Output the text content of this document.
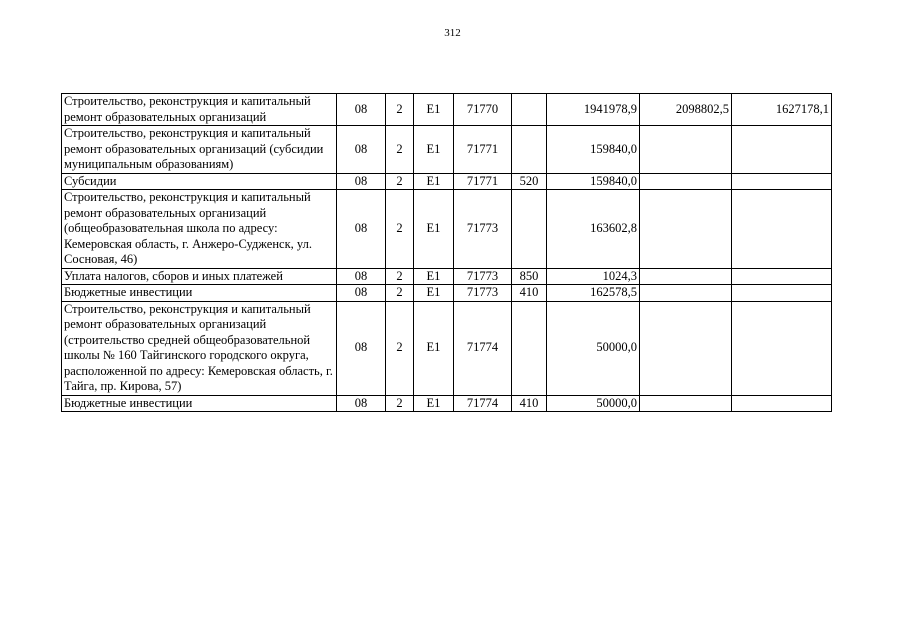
312
Строительство, реконструкция и капитальный ремонт образовательных организаций	08	2	Е1	71770		1941978,9	2098802,5	1627178,1
Строительство, реконструкция и капитальный ремонт образовательных организаций (субсидии муниципальным образованиям)	08	2	Е1	71771		159840,0		
Субсидии	08	2	Е1	71771	520	159840,0		
Строительство, реконструкция и капитальный ремонт образовательных организаций (общеобразовательная школа по адресу: Кемеровская область, г. Анжеро-Судженск, ул. Сосновая, 46)	08	2	Е1	71773		163602,8		
Уплата налогов, сборов и иных платежей	08	2	Е1	71773	850	1024,3		
Бюджетные инвестиции	08	2	Е1	71773	410	162578,5		
Строительство, реконструкция и капитальный ремонт образовательных организаций (строительство средней общеобразовательной школы № 160 Тайгинского городского округа, расположенной по адресу: Кемеровская область, г. Тайга, пр. Кирова, 57)	08	2	Е1	71774		50000,0		
Бюджетные инвестиции	08	2	Е1	71774	410	50000,0		
